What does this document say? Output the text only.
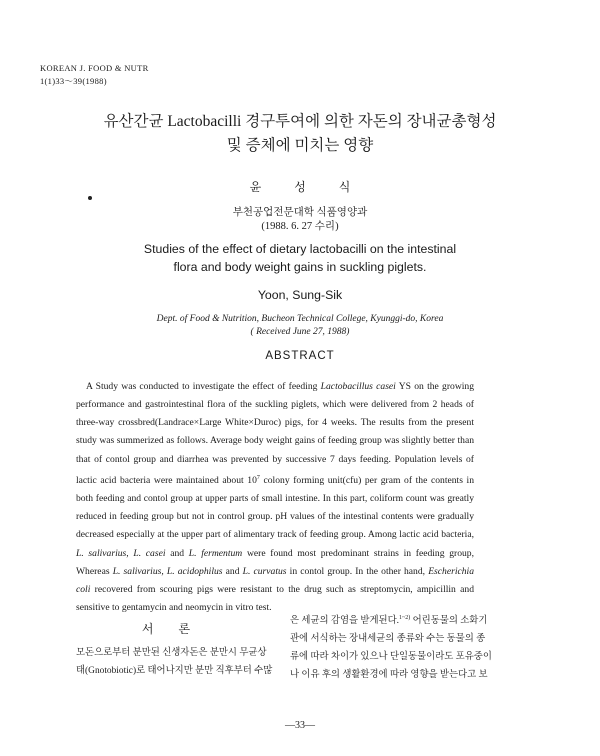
KOREAN J. FOOD & NUTR
1(1)33～39(1988)
유산간균 Lactobacilli 경구투여에 의한 자돈의 장내균총형성
및 증체에 미치는 영향
윤 성 식
부천공업전문대학 식품영양과
(1988. 6. 27 수리)
Studies of the effect of dietary lactobacilli on the intestinal
flora and body weight gains in suckling piglets.
Yoon, Sung-Sik
Dept. of Food & Nutrition, Bucheon Technical College, Kyunggi-do, Korea
( Received June 27, 1988)
ABSTRACT

A Study was conducted to investigate the effect of feeding Lactobacillus casei YS on the growing performance and gastrointestinal flora of the suckling piglets, which were delivered from 2 heads of three-way crossbred(Landrace×Large White×Duroc) pigs, for 4 weeks. The results from the present study was summerized as follows. Average body weight gains of feeding group was slightly better than that of contol group and diarrhea was prevented by successive 7 days feeding. Population levels of lactic acid bacteria were maintained about $10^7$ colony forming unit(cfu) per gram of the contents in both feeding and contol group at upper parts of small intestine. In this part, coliform count was greatly reduced in feeding group but not in control group. pH values of the intestinal contents were gradually decreased especially at the upper part of alimentary track of feeding group. Among lactic acid bacteria, L. salivarius, L. casei and L. fermentum were found most predominant strains in feeding group, Whereas L. salivarius, L. acidophilus and L. curvatus in contol group. In the other hand, Escherichia coli recovered from scouring pigs were resistant to the drug such as streptomycin, ampicillin and sensitive to gentamycin and neomycin in vitro test.

서 론

모돈으로부터 분만된 신생자돈은 분만시 무균상

태(Gnotobiotic)로 태어나지만 분만 직후부터 수많

은 세균의 감염을 받게된다.$^{1\sim 2)}$ 어린동물의 소화기

관에 서식하는 장내세균의 종류와 수는 동물의 종

류에 따라 차이가 있으나 단일동물이라도 포유중이

나 이유 후의 생활환경에 따라 영향을 받는다고 보

—33—
